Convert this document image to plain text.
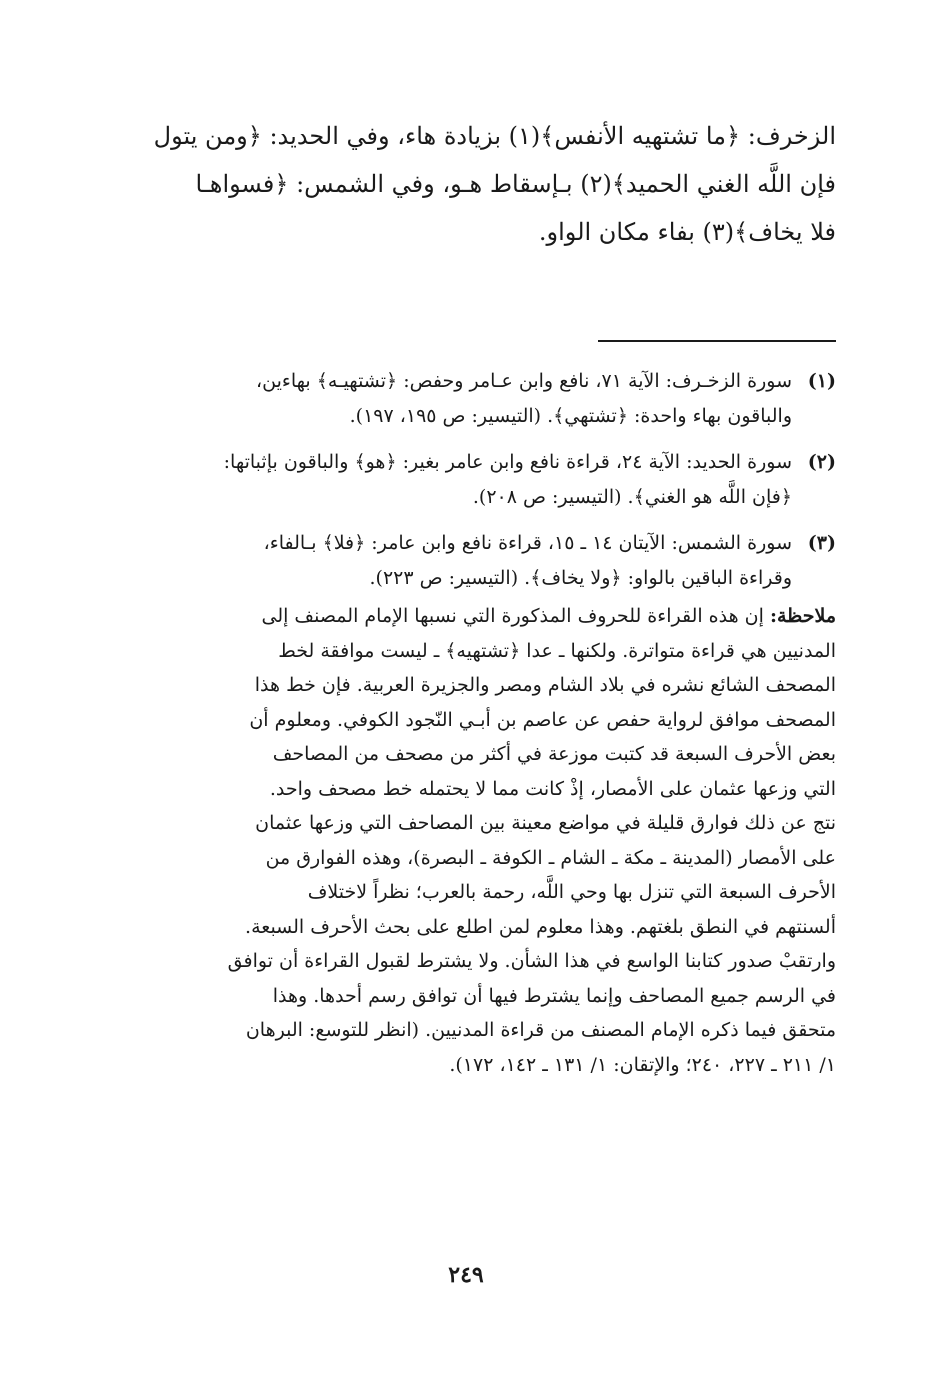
الزخرف: ﴿ما تشتهيه الأنفس﴾(١) بزيادة هاء، وفي الحديد: ﴿ومن يتول

فإن اللَّه الغني الحميد﴾(٢) بـإسقاط هـو، وفي الشمس: ﴿فسواهـا

فلا يخاف﴾(٣) بفاء مكان الواو.

(١)

سورة الزخـرف: الآية ٧١، نافع وابن عـامر وحفص: ﴿تشتهيـه﴾ بهاءين،

والباقون بهاء واحدة: ﴿تشتهي﴾. (التيسير: ص ١٩٥، ١٩٧).

(٢)

سورة الحديد: الآية ٢٤، قراءة نافع وابن عامر بغير: ﴿هو﴾ والباقون بإثباتها:

﴿فإن اللَّه هو الغني﴾. (التيسير: ص ٢٠٨).

(٣)

سورة الشمس: الآيتان ١٤ ـ ١٥، قراءة نافع وابن عامر: ﴿فلا﴾ بـالفاء،

وقراءة الباقين بالواو: ﴿ولا يخاف﴾. (التيسير: ص ٢٢٣).

ملاحظة: إن هذه القراءة للحروف المذكورة التي نسبها الإمام المصنف إلى

المدنيين هي قراءة متواترة. ولكنها ـ عدا ﴿تشتهيه﴾ ـ ليست موافقة لخط

المصحف الشائع نشره في بلاد الشام ومصر والجزيرة العربية. فإن خط هذا

المصحف موافق لرواية حفص عن عاصم بن أبـي النّجود الكوفي. ومعلوم أن

بعض الأحرف السبعة قد كتبت موزعة في أكثر من مصحف من المصاحف

التي وزعها عثمان على الأمصار، إذْ كانت مما لا يحتمله خط مصحف واحد.

نتج عن ذلك فوارق قليلة في مواضع معينة بين المصاحف التي وزعها عثمان

على الأمصار (المدينة ـ مكة ـ الشام ـ الكوفة ـ البصرة)، وهذه الفوارق من

الأحرف السبعة التي تنزل بها وحي اللَّه، رحمة بالعرب؛ نظراً لاختلاف

ألسنتهم في النطق بلغتهم. وهذا معلوم لمن اطلع على بحث الأحرف السبعة.

وارتقبْ صدور كتابنا الواسع في هذا الشأن. ولا يشترط لقبول القراءة أن توافق

في الرسم جميع المصاحف وإنما يشترط فيها أن توافق رسم أحدها. وهذا

متحقق فيما ذكره الإمام المصنف من قراءة المدنيين. (انظر للتوسع: البرهان

١/ ٢١١ ـ ٢٢٧، ٢٤٠؛ والإتقان: ١/ ١٣١ ـ ١٤٢، ١٧٢).

٢٤٩
